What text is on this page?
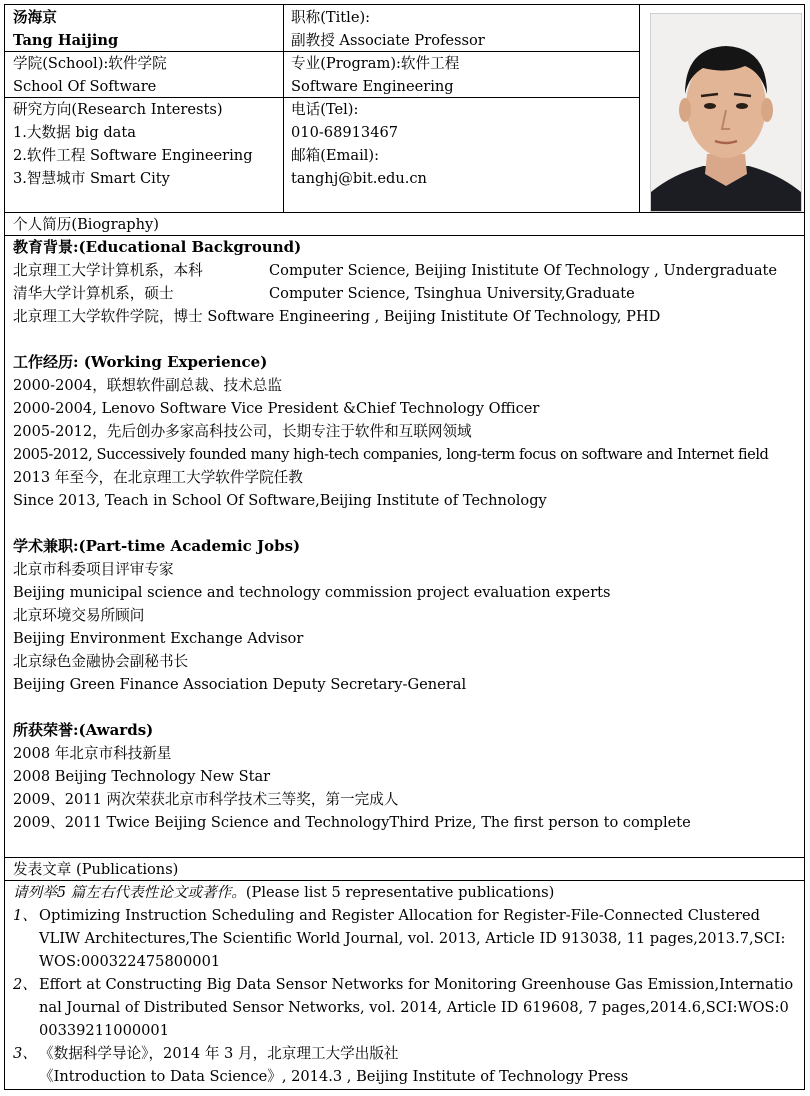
汤海京
Tang Haijing
职称(Title):
副教授 Associate Professor
学院(School):软件学院
School Of Software
专业(Program):软件工程
Software Engineering
研究方向(Research Interests)
1.大数据 big data
2.软件工程 Software Engineering
3.智慧城市 Smart City
电话(Tel):
010-68913467
邮箱(Email):
tanghj@bit.edu.cn
个人简历(Biography)
教育背景:(Educational Background)
北京理工大学计算机系，本科	Computer Science, Beijing Inistitute Of Technology , Undergraduate
清华大学计算机系，硕士	Computer Science, Tsinghua University,Graduate
北京理工大学软件学院，博士 Software Engineering , Beijing Inistitute Of Technology, PHD
工作经历: (Working Experience)
2000-2004，联想软件副总裁、技术总监
2000-2004, Lenovo Software Vice President &Chief Technology Officer
2005-2012，先后创办多家高科技公司，长期专注于软件和互联网领域
2005-2012, Successively founded many high-tech companies, long-term focus on software and Internet field
2013 年至今，在北京理工大学软件学院任教
Since 2013, Teach in School Of Software,Beijing Institute of Technology
学术兼职:(Part-time Academic Jobs)
北京市科委项目评审专家
Beijing municipal science and technology commission project evaluation experts
北京环境交易所顾问
Beijing Environment Exchange Advisor
北京绿色金融协会副秘书长
Beijing Green Finance Association Deputy Secretary-General
所获荣誉:(Awards)
2008 年北京市科技新星
2008 Beijing Technology New Star
2009、2011 两次荣获北京市科学技术三等奖，第一完成人
2009、2011 Twice Beijing Science and TechnologyThird Prize, The first person to complete
发表文章 (Publications)
请列举5 篇左右代表性论文或著作。(Please list 5 representative publications)
1、 Optimizing Instruction Scheduling and Register Allocation for Register-File-Connected Clustered VLIW Architectures,The Scientific World Journal, vol. 2013, Article ID 913038, 11 pages,2013.7,SCI: WOS:000322475800001
2、 Effort at Constructing Big Data Sensor Networks for Monitoring Greenhouse Gas Emission,International Journal of Distributed Sensor Networks, vol. 2014, Article ID 619608, 7 pages,2014.6,SCI:WOS:000339211000001
3、 《数据科学导论》，2014 年 3 月，北京理工大学出版社
《Introduction to Data Science》, 2014.3 , Beijing Institute of Technology Press
